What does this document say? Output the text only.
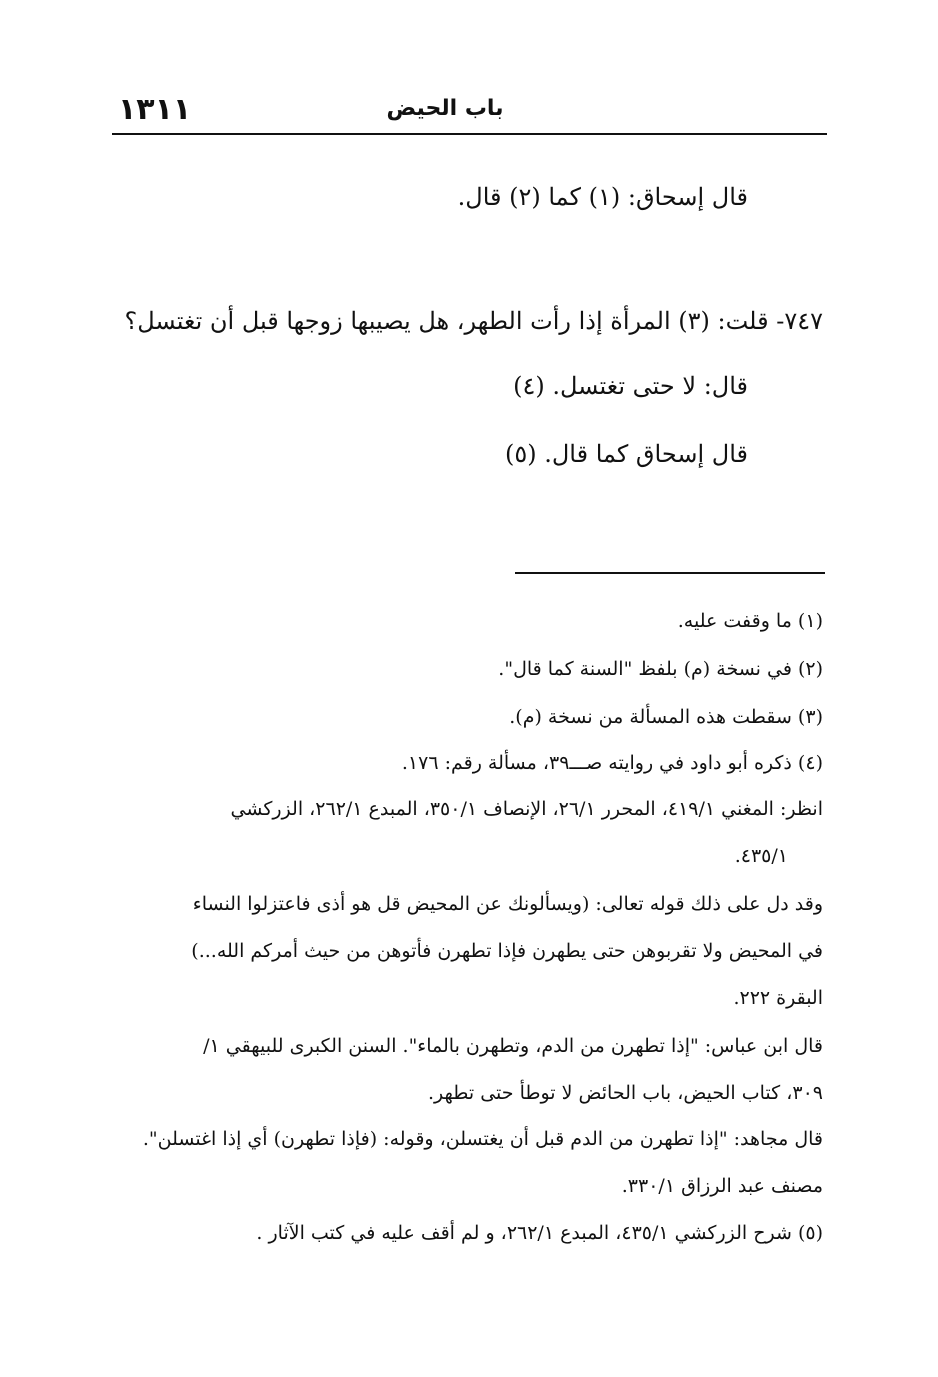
١٣١١	باب الحيض
قال إسحاق: (١) كما (٢) قال.
٧٤٧- قلت: (٣) المرأة إذا رأت الطهر، هل يصيبها زوجها قبل أن تغتسل؟
قال: لا حتى تغتسل. (٤)
قال إسحاق كما قال. (٥)
(١) ما وقفت عليه.
(٢) في نسخة (م) بلفظ "السنة كما قال".
(٣) سقطت هذه المسألة من نسخة (م).
(٤) ذكره أبو داود في روايته صـــ٣٩، مسألة رقم: ١٧٦.
انظر: المغني ٤١٩/١، المحرر ٢٦/١، الإنصاف ٣٥٠/١، المبدع ٢٦٢/١، الزركشي
٤٣٥/١.
وقد دل على ذلك قوله تعالى: (ويسألونك عن المحيض قل هو أذى فاعتزلوا النساء
في المحيض ولا تقربوهن حتى يطهرن فإذا تطهرن فأتوهن من حيث أمركم الله...)
البقرة ٢٢٢.
قال ابن عباس: "إذا تطهرن من الدم، وتطهرن بالماء". السنن الكبرى للبيهقي ١/
٣٠٩، كتاب الحيض، باب الحائض لا توطأ حتى تطهر.
قال مجاهد: "إذا تطهرن من الدم قبل أن يغتسلن، وقوله: (فإذا تطهرن) أي إذا اغتسلن".
مصنف عبد الرزاق ٣٣٠/١.
(٥) شرح الزركشي ٤٣٥/١، المبدع ٢٦٢/١، و لم أقف عليه في كتب الآثار .
